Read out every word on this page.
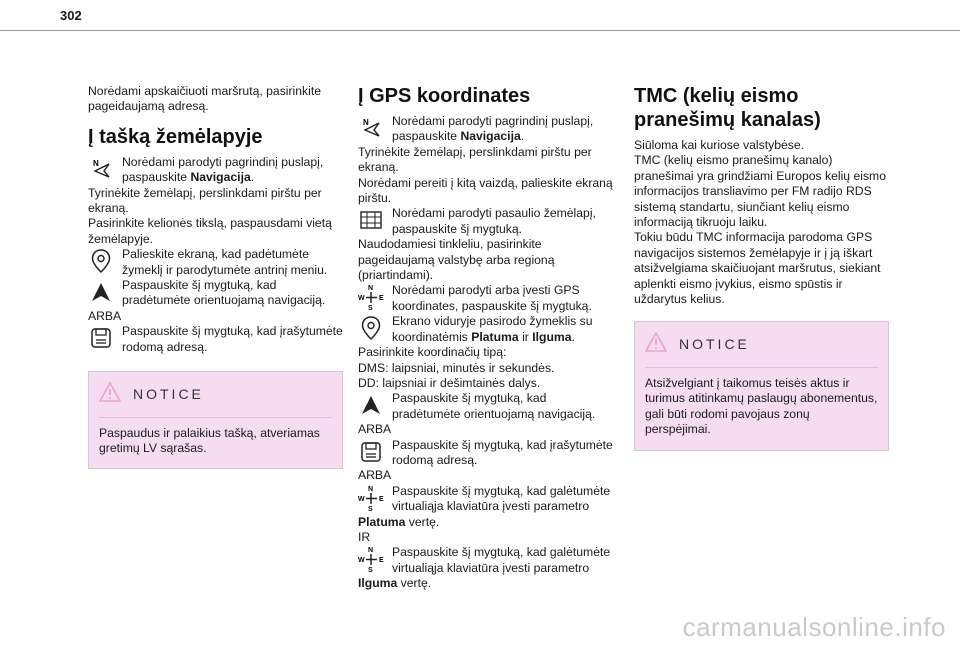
302

Norėdami apskaičiuoti maršrutą, pasirinkite pageidaujamą adresą.

Į tašką žemėlapyje
N Norėdami parodyti pagrindinį puslapį, paspauskite Navigacija.

Tyrinėkite žemėlapį, perslinkdami pirštu per ekraną.

Pasirinkite kelionės tikslą, paspausdami vietą žemėlapyje.

Palieskite ekraną, kad padėtumėte žymeklį ir parodytumėte antrinį meniu.
Paspauskite šį mygtuką, kad pradėtumėte orientuojamą navigaciją.

ARBA

Paspauskite šį mygtuką, kad įrašytumėte rodomą adresą.
NOTICE
Paspaudus ir palaikius tašką, atveriamas gretimų LV sąrašas.
Į GPS koordinates
N Norėdami parodyti pagrindinį puslapį, paspauskite Navigacija.

Tyrinėkite žemėlapį, perslinkdami pirštu per ekraną.

Norėdami pereiti į kitą vaizdą, palieskite ekraną pirštu.

Norėdami parodyti pasaulio žemėlapį, paspauskite šį mygtuką.

Naudodamiesi tinkleliu, pasirinkite pageidaujamą valstybę arba regioną (priartindami).

N
S
W E
Norėdami parodyti arba įvesti GPS koordinates, paspauskite šį mygtuką.
Ekrano viduryje pasirodo žymeklis su koordinatėmis Platuma ir Ilguma.

Pasirinkite koordinačių tipą:

DMS: laipsniai, minutės ir sekundės.

DD: laipsniai ir dešimtainės dalys.

Paspauskite šį mygtuką, kad pradėtumėte orientuojamą navigaciją.

ARBA

Paspauskite šį mygtuką, kad įrašytumėte rodomą adresą.

ARBA

N
S
W E
Paspauskite šį mygtuką, kad galėtumėte virtualiąja klaviatūra įvesti parametro

Platuma vertę.

IR

N
S
W E
Paspauskite šį mygtuką, kad galėtumėte virtualiąja klaviatūra įvesti parametro

Ilguma vertę.

TMC (kelių eismo pranešimų kanalas)

Siūloma kai kuriose valstybėse.

TMC (kelių eismo pranešimų kanalo) pranešimai yra grindžiami Europos kelių eismo informacijos transliavimo per FM radijo RDS sistemą standartu, siunčiant kelių eismo informaciją tikruoju laiku.

Tokiu būdu TMC informacija parodoma GPS navigacijos sistemos žemėlapyje ir į ją iškart atsižvelgiama skaičiuojant maršrutus, siekiant aplenkti eismo įvykius, eismo spūstis ir uždarytus kelius.

NOTICE
Atsižvelgiant į taikomus teisės aktus ir turimus atitinkamų paslaugų abonementus, gali būti rodomi pavojaus zonų perspėjimai.
carmanualsonline.info
